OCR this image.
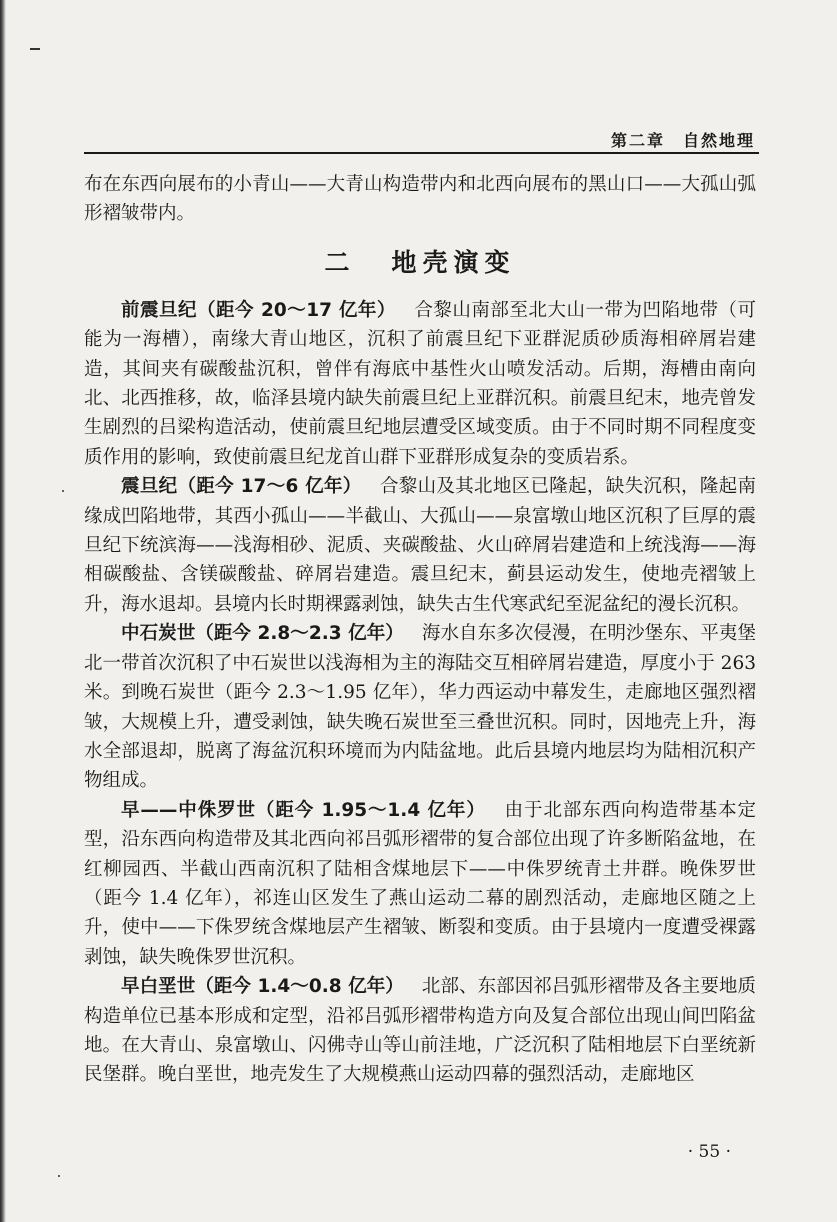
第二章 自然地理

布在东西向展布的小青山——大青山构造带内和北西向展布的黑山口——大孤山弧形褶皱带内。

二 地壳演变

前震旦纪（距今 20～17 亿年） 合黎山南部至北大山一带为凹陷地带（可能为一海槽），南缘大青山地区，沉积了前震旦纪下亚群泥质砂质海相碎屑岩建造，其间夹有碳酸盐沉积，曾伴有海底中基性火山喷发活动。后期，海槽由南向北、北西推移，故，临泽县境内缺失前震旦纪上亚群沉积。前震旦纪末，地壳曾发生剧烈的吕梁构造活动，使前震旦纪地层遭受区域变质。由于不同时期不同程度变质作用的影响，致使前震旦纪龙首山群下亚群形成复杂的变质岩系。

震旦纪（距今 17～6 亿年） 合黎山及其北地区已隆起，缺失沉积，隆起南缘成凹陷地带，其西小孤山——半截山、大孤山——泉富墩山地区沉积了巨厚的震旦纪下统滨海——浅海相砂、泥质、夹碳酸盐、火山碎屑岩建造和上统浅海——海相碳酸盐、含镁碳酸盐、碎屑岩建造。震旦纪末，蓟县运动发生，使地壳褶皱上升，海水退却。县境内长时期裸露剥蚀，缺失古生代寒武纪至泥盆纪的漫长沉积。

中石炭世（距今 2.8～2.3 亿年） 海水自东多次侵漫，在明沙堡东、平夷堡北一带首次沉积了中石炭世以浅海相为主的海陆交互相碎屑岩建造，厚度小于 263 米。到晚石炭世（距今 2.3～1.95 亿年），华力西运动中幕发生，走廊地区强烈褶皱，大规模上升，遭受剥蚀，缺失晚石炭世至三叠世沉积。同时，因地壳上升，海水全部退却，脱离了海盆沉积环境而为内陆盆地。此后县境内地层均为陆相沉积产物组成。

早——中侏罗世（距今 1.95～1.4 亿年） 由于北部东西向构造带基本定型，沿东西向构造带及其北西向祁吕弧形褶带的复合部位出现了许多断陷盆地，在红柳园西、半截山西南沉积了陆相含煤地层下——中侏罗统青土井群。晚侏罗世（距今 1.4 亿年），祁连山区发生了燕山运动二幕的剧烈活动，走廊地区随之上升，使中——下侏罗统含煤地层产生褶皱、断裂和变质。由于县境内一度遭受裸露剥蚀，缺失晚侏罗世沉积。

早白垩世（距今 1.4～0.8 亿年） 北部、东部因祁吕弧形褶带及各主要地质构造单位已基本形成和定型，沿祁吕弧形褶带构造方向及复合部位出现山间凹陷盆地。在大青山、泉富墩山、闪佛寺山等山前洼地，广泛沉积了陆相地层下白垩统新民堡群。晚白垩世，地壳发生了大规模燕山运动四幕的强烈活动，走廊地区

· 55 ·
